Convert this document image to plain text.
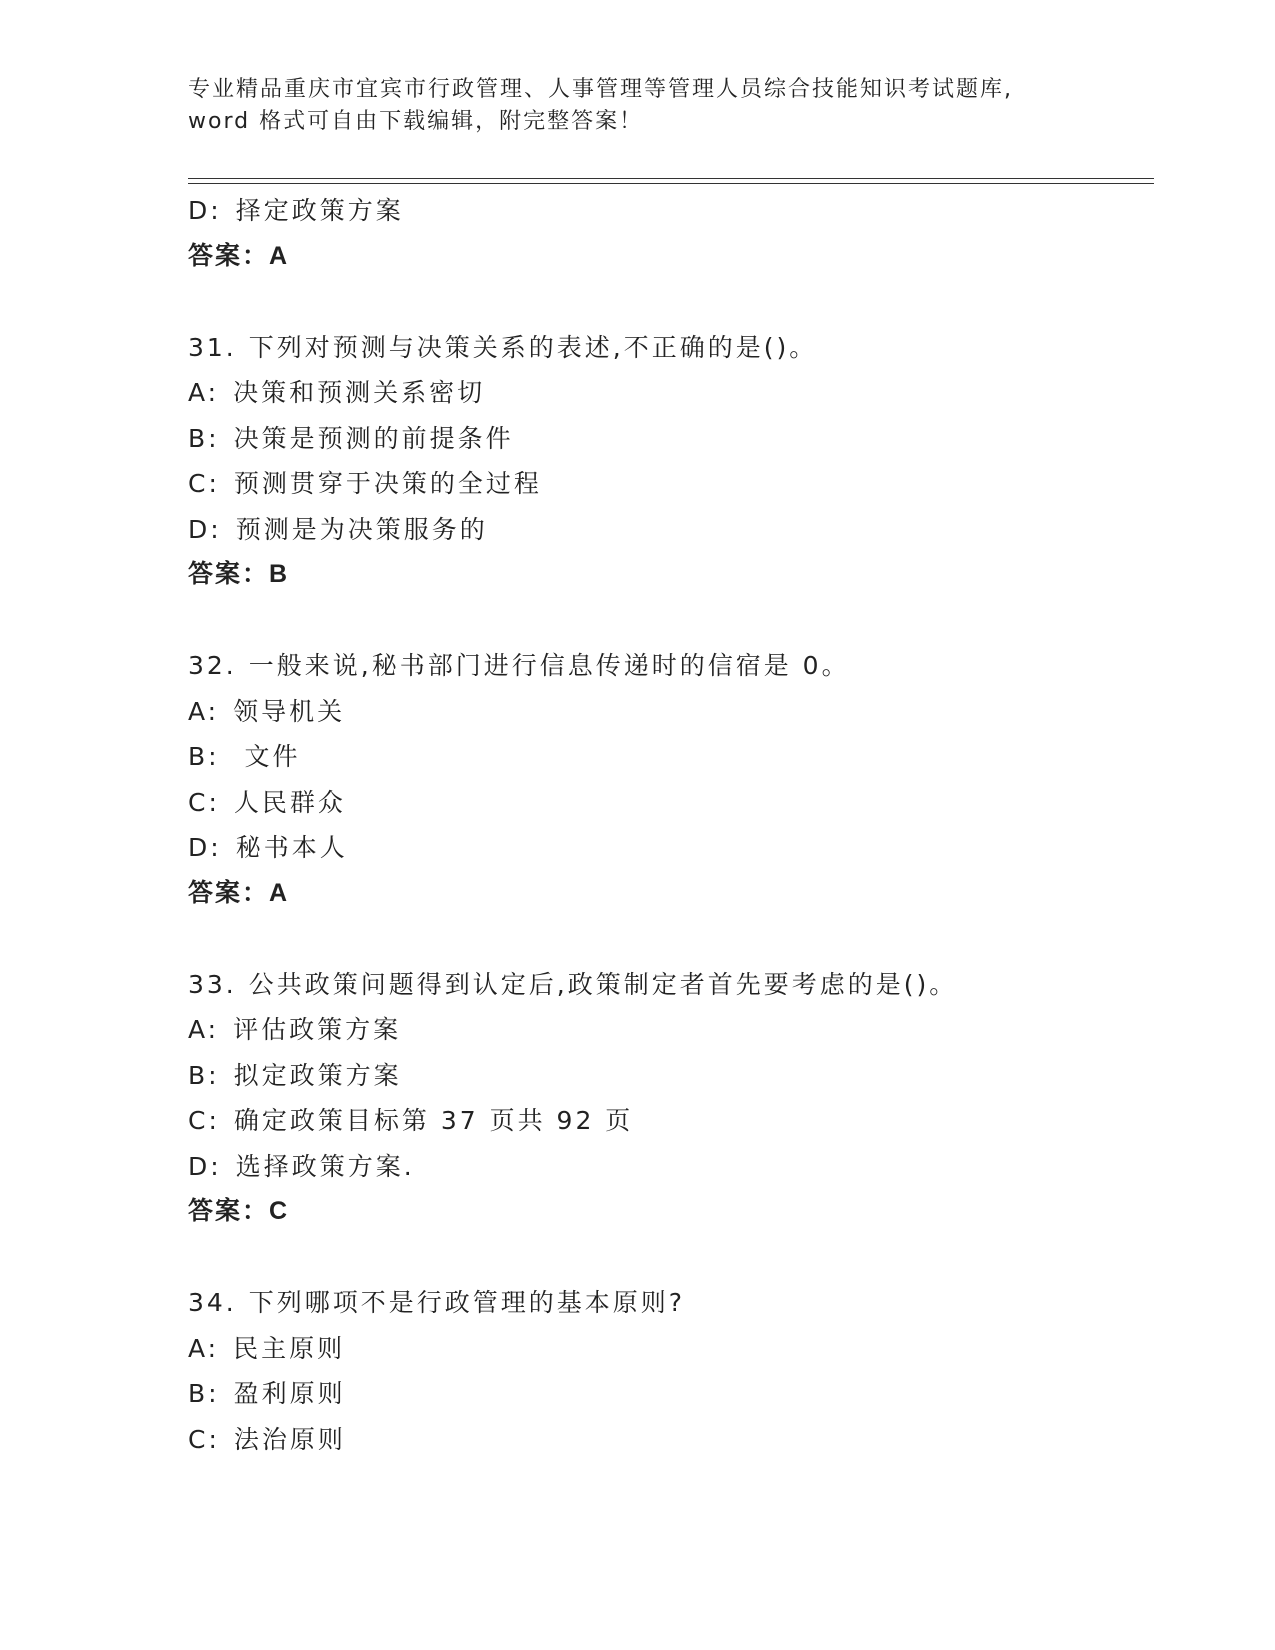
专业精品重庆市宜宾市行政管理、人事管理等管理人员综合技能知识考试题库,
word 格式可自由下载编辑，附完整答案！
D: 择定政策方案
答案：A
31. 下列对预测与决策关系的表述,不正确的是()。
A: 决策和预测关系密切
B: 决策是预测的前提条件
C: 预测贯穿于决策的全过程
D: 预测是为决策服务的
答案：B
32. 一般来说,秘书部门进行信息传递时的信宿是 0。
A: 领导机关
B: 文件
C: 人民群众
D: 秘书本人
答案：A
33. 公共政策问题得到认定后,政策制定者首先要考虑的是()。
A: 评估政策方案
B: 拟定政策方案
C: 确定政策目标第 37 页共 92 页
D: 选择政策方案.
答案：C
34. 下列哪项不是行政管理的基本原则?
A: 民主原则
B: 盈利原则
C: 法治原则
